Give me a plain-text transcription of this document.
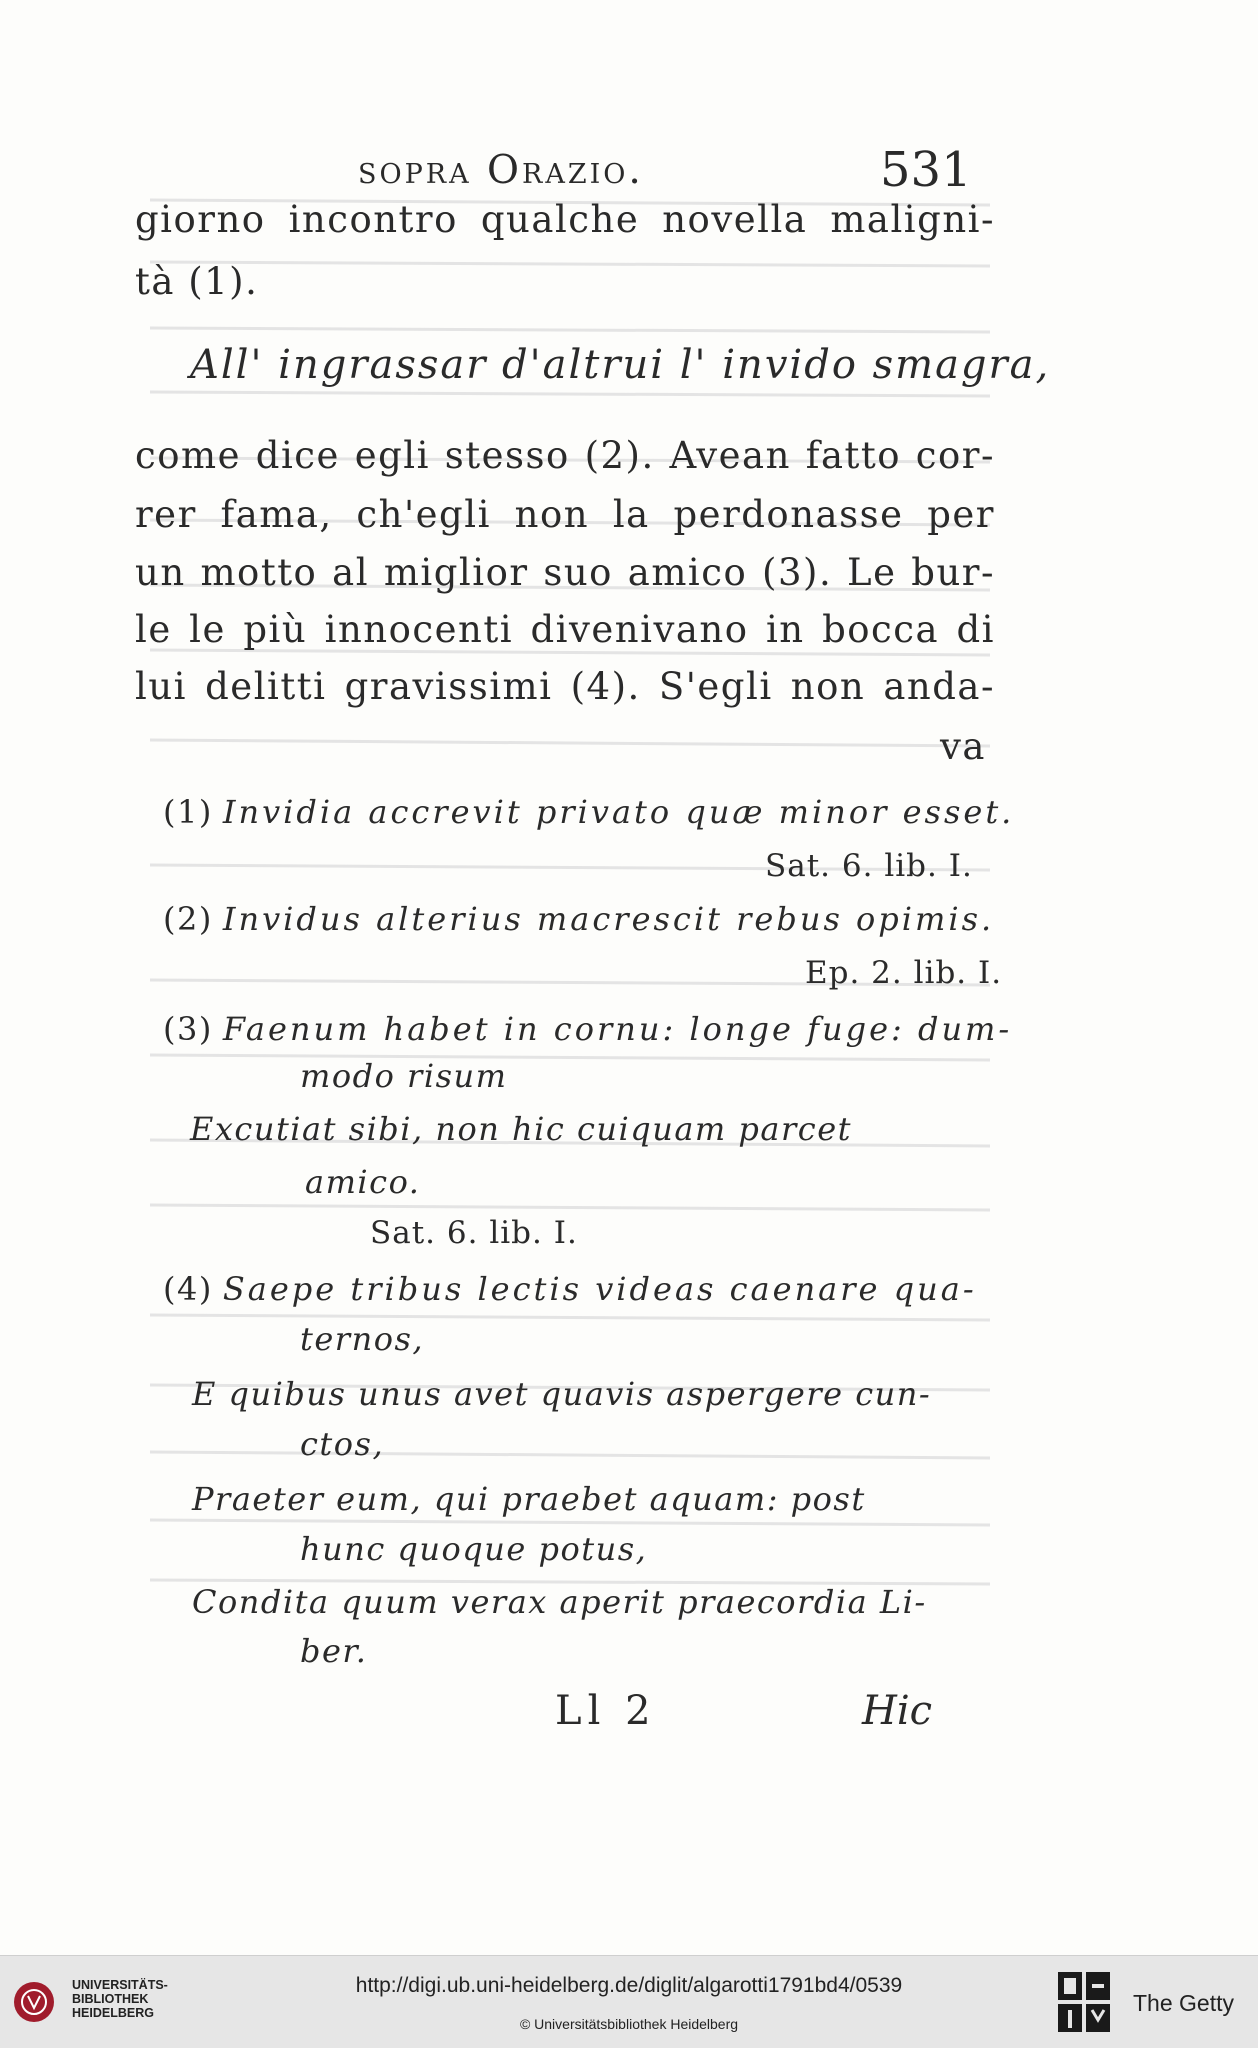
sopra Orazio.	531
giorno incontro qualche novella maligni-
tà (1).
All' ingrassar d'altrui l' invido smagra,
come dice egli stesso (2). Avean fatto cor-
rer fama, ch'egli non la perdonasse per
un motto al miglior suo amico (3). Le bur-
le le più innocenti divenivano in bocca di
lui delitti gravissimi (4). S'egli non anda-
va
(1) Invidia accrevit privato quæ minor esset.
Sat. 6. lib. I.
(2) Invidus alterius macrescit rebus opimis.
Ep. 2. lib. I.
(3) Faenum habet in cornu: longe fuge: dum-
modo risum
Excutiat sibi, non hic cuiquam parcet
amico.
Sat. 6. lib. I.
(4) Saepe tribus lectis videas caenare qua-
ternos,
E quibus unus avet quavis aspergere cun-
ctos,
Praeter eum, qui praebet aquam: post
hunc quoque potus,
Condita quum verax aperit praecordia Li-
ber.
Ll 2	Hic
UNIVERSITÄTS-
BIBLIOTHEK
HEIDELBERG
http://digi.ub.uni-heidelberg.de/diglit/algarotti1791bd4/0539
© Universitätsbibliothek Heidelberg
The Getty
